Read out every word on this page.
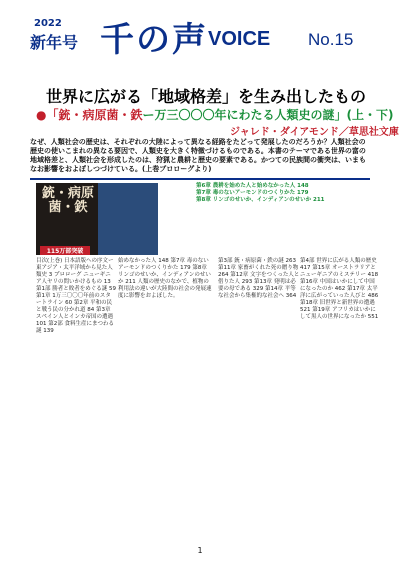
2022
新年号 千の声 VOICE No.15
世界に広がる「地域格差」を生み出したもの
●「銃・病原菌・鉄ー万三〇〇〇年にわたる人類史の謎」(上・下)
ジャレド・ダイアモンド／草思社文庫
なぜ、人類社会の歴史は、それぞれの大陸によって異なる経路をたどって発展したのだろうか？人類社会の歴史の使いこまれの異なる要因で、人類史を大きく特徴づけるものである。本書のテーマである世界の富の地域格差と、人類社会を形成したのは、狩猟と農耕と歴史の要素である。かつての民族間の衝突は、いまもなお影響をおよぼしつづけている。(上巻プロローグより)
銃・病原菌・鉄
115万部突破
第6章 農耕を始めた人と始めなかった人 148
第7章 毒のないアーモンドのつくりかた 179
第8章 リンゴのせいか、インディアンのせいか 211
目次(上巻) 日本語版への序文ー東アジア・太平洋域から見た人類史 3 プロローグ ニューギニア人ヤリの問いかけるもの 13 第1部 勝者と敗者をめぐる謎 59 第1章 1万三〇〇〇年前のスタートライン 60 第2章 平和の民と戦う民の分かれ道 84 第3章 スペイン人とインカ帝国の遭遇 101 第2部 食料生産にまつわる謎 139
始めなかった人 148 第7章 毒のないアーモンドのつくりかた 179 第8章 リンゴのせいか、インディアンのせいか 211 人類の歴史のなかで、植物の利用法の違いが大陸間の社会の発展速度に影響をおよぼした。
第3部 銃・病原菌・鉄の謎 263 第11章 家畜がくれた死の贈り物 264 第12章 文字をつくった人と借りた人 293 第13章 発明は必要の母である 329 第14章 平等な社会から集権的な社会へ 364
第4部 世界に広がる人類の歴史 417 第15章 オーストラリアとニューギニアのミステリー 418 第16章 中国はいかにして中国になったのか 462 第17章 太平洋に広がっていった人びと 486 第18章 旧世界と新世界の遭遇 521 第19章 アフリカはいかにして黒人の世界になったか 551
1
